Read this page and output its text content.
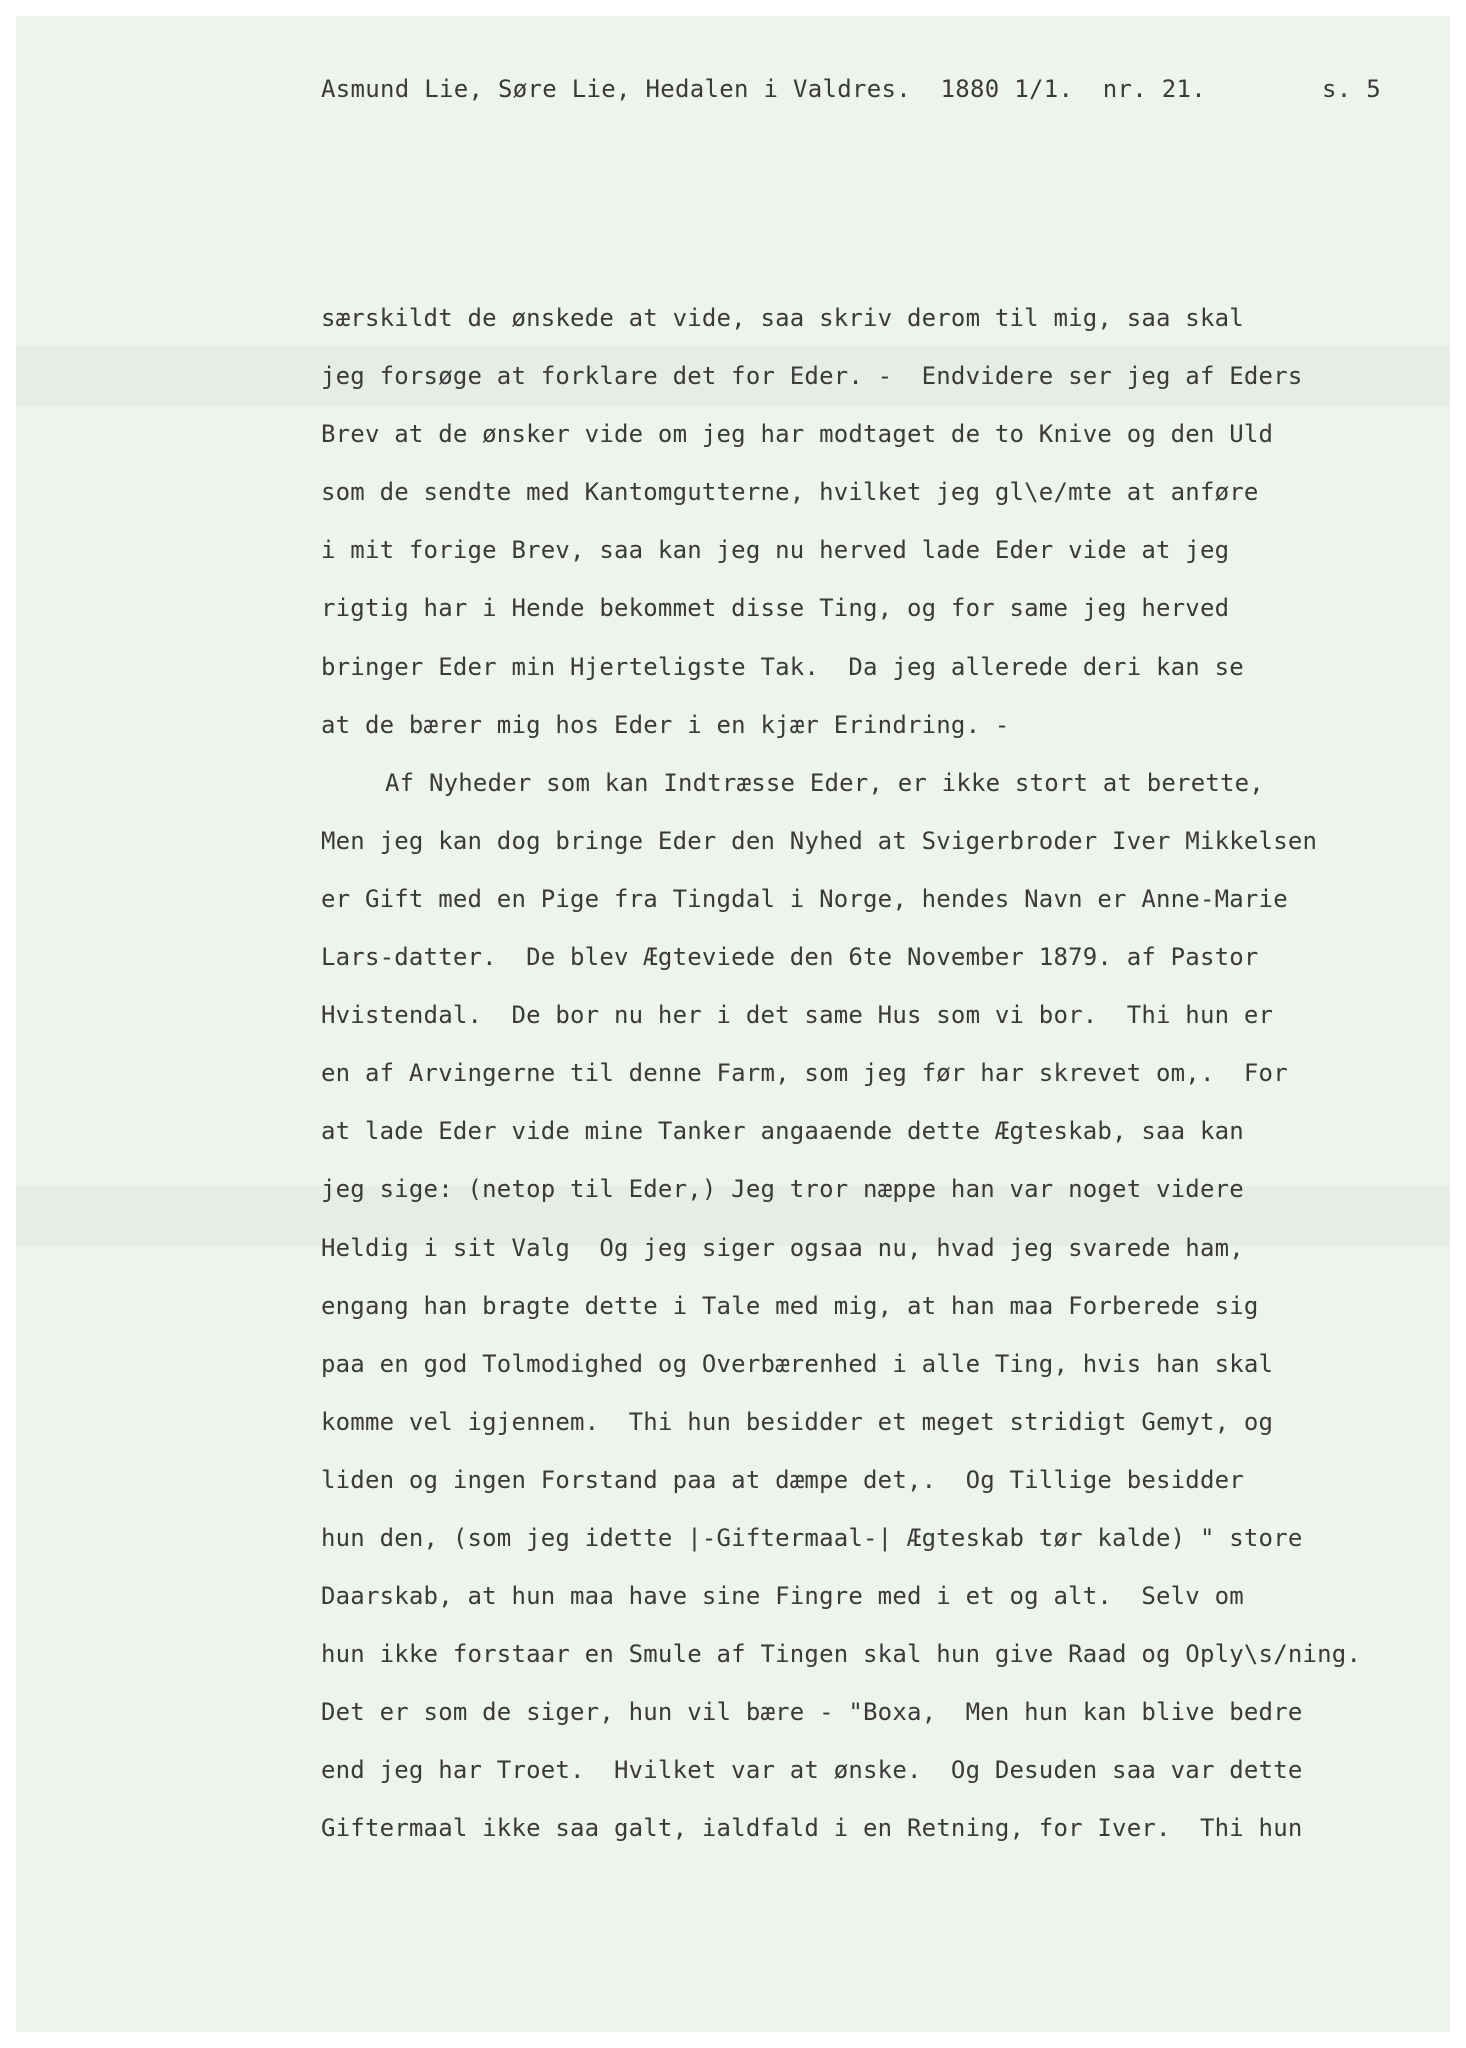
Asmund Lie, Søre Lie, Hedalen i Valdres.  1880 1/1.  nr. 21.	s. 5
særskildt de ønskede at vide, saa skriv derom til mig, saa skal
jeg forsøge at forklare det for Eder. -  Endvidere ser jeg af Eders
Brev at de ønsker vide om jeg har modtaget de to Knive og den Uld
som de sendte med Kantomgutterne, hvilket jeg gl\e/mte at anføre
i mit forige Brev, saa kan jeg nu herved lade Eder vide at jeg
rigtig har i Hende bekommet disse Ting, og for same jeg herved
bringer Eder min Hjerteligste Tak.  Da jeg allerede deri kan se
at de bærer mig hos Eder i en kjær Erindring. -
Af Nyheder som kan Indtræsse Eder, er ikke stort at berette,
Men jeg kan dog bringe Eder den Nyhed at Svigerbroder Iver Mikkelsen
er Gift med en Pige fra Tingdal i Norge, hendes Navn er Anne-Marie
Lars-datter.  De blev Ægteviede den 6te November 1879. af Pastor
Hvistendal.  De bor nu her i det same Hus som vi bor.  Thi hun er
en af Arvingerne til denne Farm, som jeg før har skrevet om,.  For
at lade Eder vide mine Tanker angaaende dette Ægteskab, saa kan
jeg sige: (netop til Eder,) Jeg tror næppe han var noget videre
Heldig i sit Valg  Og jeg siger ogsaa nu, hvad jeg svarede ham,
engang han bragte dette i Tale med mig, at han maa Forberede sig
paa en god Tolmodighed og Overbærenhed i alle Ting, hvis han skal
komme vel igjennem.  Thi hun besidder et meget stridigt Gemyt, og
liden og ingen Forstand paa at dæmpe det,.  Og Tillige besidder
hun den, (som jeg idette |-Giftermaal-| Ægteskab tør kalde) " store
Daarskab, at hun maa have sine Fingre med i et og alt.  Selv om
hun ikke forstaar en Smule af Tingen skal hun give Raad og Oply\s/ning.
Det er som de siger, hun vil bære - "Boxa,  Men hun kan blive bedre
end jeg har Troet.  Hvilket var at ønske.  Og Desuden saa var dette
Giftermaal ikke saa galt, ialdfald i en Retning, for Iver.  Thi hun
